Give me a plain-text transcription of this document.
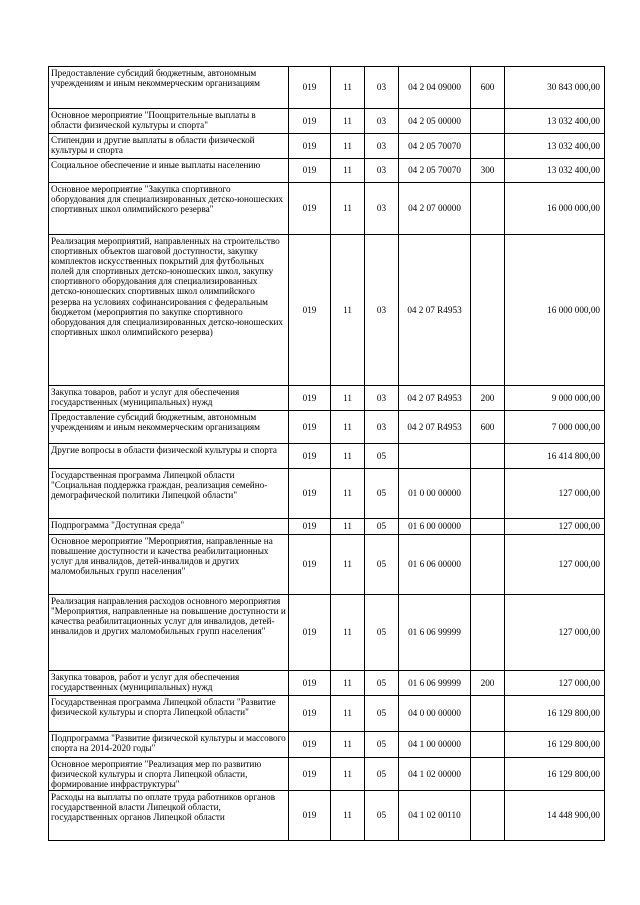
Предоставление субсидий бюджетным, автономным учреждениям и иным некоммерческим организациям	019	11	03	04 2 04 09000	600	30 843 000,00
Основное мероприятие "Поощрительные выплаты в области физической культуры и спорта"	019	11	03	04 2 05 00000		13 032 400,00
Стипендии и другие выплаты в области физической культуры и спорта	019	11	03	04 2 05 70070		13 032 400,00
Социальное обеспечение и иные выплаты населению	019	11	03	04 2 05 70070	300	13 032 400,00
Основное мероприятие "Закупка спортивного оборудования для специализированных детско-юношеских спортивных школ олимпийского резерва"	019	11	03	04 2 07 00000		16 000 000,00
Реализация мероприятий, направленных на строительство спортивных объектов шаговой доступности, закупку комплектов искусственных покрытий для футбольных полей для спортивных детско-юношеских школ, закупку спортивного оборудования для специализированных детско-юношеских спортивных школ олимпийского резерва на условиях софинансирования с федеральным бюджетом (мероприятия по закупке спортивного оборудования для специализированных детско-юношеских спортивных школ олимпийского резерва)	019	11	03	04 2 07 R4953		16 000 000,00
Закупка товаров, работ и услуг для обеспечения государственных (муниципальных) нужд	019	11	03	04 2 07 R4953	200	9 000 000,00
Предоставление субсидий бюджетным, автономным учреждениям и иным некоммерческим организациям	019	11	03	04 2 07 R4953	600	7 000 000,00
Другие вопросы в области физической культуры и спорта	019	11	05			16 414 800,00
Государственная программа Липецкой области "Социальная поддержка граждан, реализация семейно-демографической политики Липецкой области"	019	11	05	01 0 00 00000		127 000,00
Подпрограмма "Доступная среда"	019	11	05	01 6 00 00000		127 000,00
Основное мероприятие "Мероприятия, направленные на повышение доступности и качества реабилитационных услуг для инвалидов, детей-инвалидов и других маломобильных групп населения"	019	11	05	01 6 06 00000		127 000,00
Реализация направления расходов основного мероприятия "Мероприятия, направленные на повышение доступности и качества реабилитационных услуг для инвалидов, детей-инвалидов и других маломобильных групп населения"	019	11	05	01 6 06 99999		127 000,00
Закупка товаров, работ и услуг для обеспечения государственных (муниципальных) нужд	019	11	05	01 6 06 99999	200	127 000,00
Государственная программа Липецкой области "Развитие физической культуры и спорта Липецкой области"	019	11	05	04 0 00 00000		16 129 800,00
Подпрограмма "Развитие физической культуры и массового спорта на 2014-2020 годы"	019	11	05	04 1 00 00000		16 129 800,00
Основное мероприятие "Реализация мер по развитию физической культуры и спорта Липецкой области, формирование инфраструктуры"	019	11	05	04 1 02 00000		16 129 800,00
Расходы на выплаты по оплате труда работников органов государственной власти Липецкой области, государственных органов Липецкой области	019	11	05	04 1 02 00110		14 448 900,00
